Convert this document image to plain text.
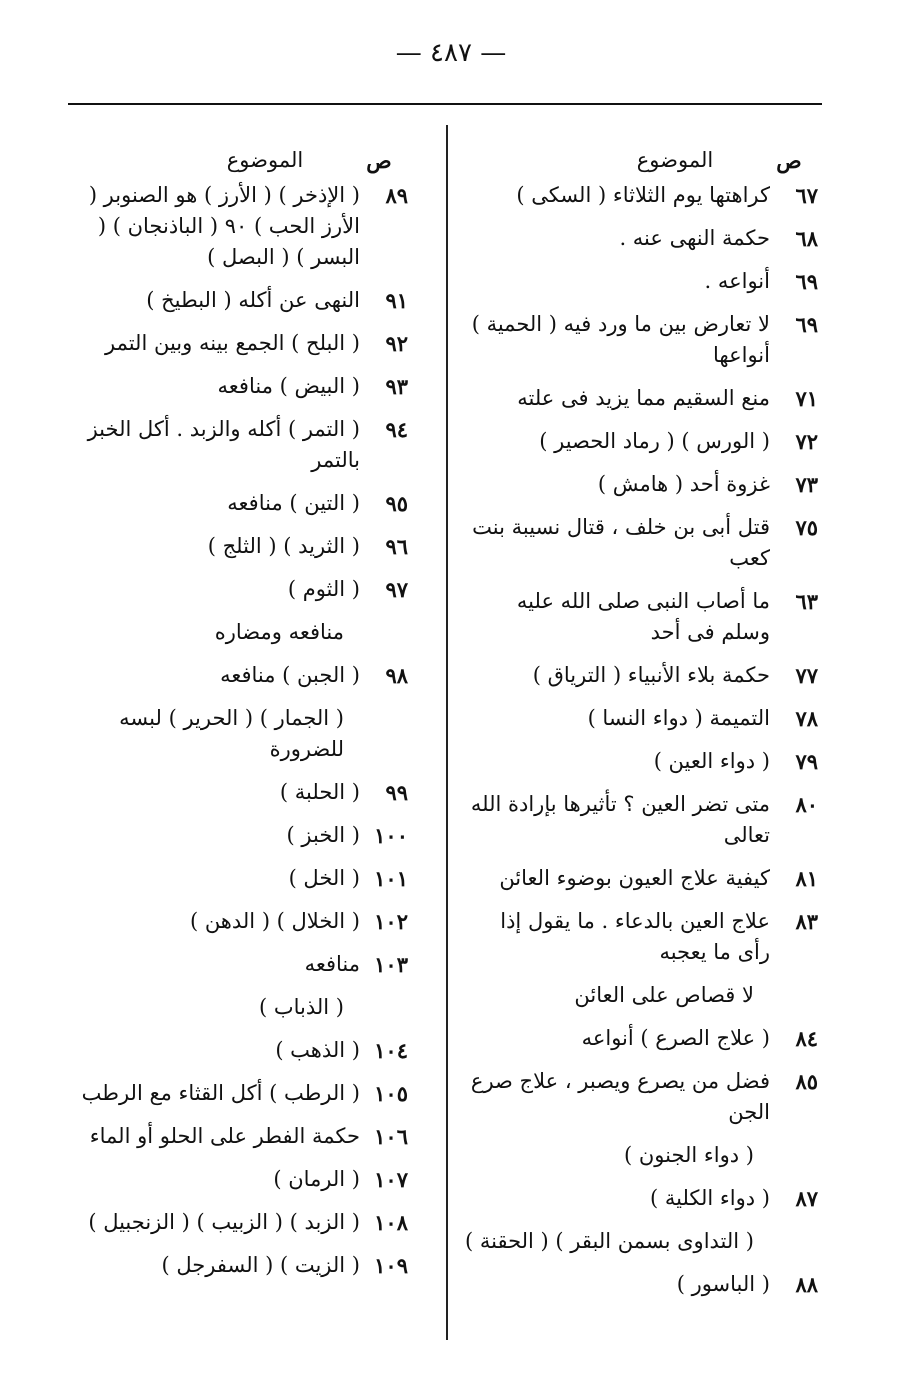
— ٤٨٧ —
ص
الموضوع
٦٧
كراهتها يوم الثلاثاء ( السكى )
٦٨
حكمة النهى عنه .
٦٩
أنواعه .
٦٩
لا تعارض بين ما ورد فيه ( الحمية ) أنواعها
٧١
منع السقيم مما يزيد فى علته
٧٢
( الورس ) ( رماد الحصير )
٧٣
غزوة أحد ( هامش )
٧٥
قتل أبى بن خلف ، قتال نسيبة بنت كعب
٦٣
ما أصاب النبى صلى الله عليه وسلم فى أحد
٧٧
حكمة بلاء الأنبياء ( الترياق )
٧٨
التميمة ( دواء النسا )
٧٩
( دواء العين )
٨٠
متى تضر العين ؟ تأثيرها بإرادة الله تعالى
٨١
كيفية علاج العيون بوضوء العائن
٨٣
علاج العين بالدعاء . ما يقول إذا رأى ما يعجبه
لا قصاص على العائن
٨٤
( علاج الصرع ) أنواعه
٨٥
فضل من يصرع ويصبر ، علاج صرع الجن
( دواء الجنون )
٨٧
( دواء الكلية )
( التداوى بسمن البقر ) ( الحقنة )
٨٨
( الباسور )
ص
الموضوع
٨٩
( الإذخر ) ( الأرز ) هو الصنوبر ( الأرز الحب ) ٩٠ ( الباذنجان ) ( البسر ) ( البصل )
٩١
النهى عن أكله ( البطيخ )
٩٢
( البلح ) الجمع بينه وبين التمر
٩٣
( البيض ) منافعه
٩٤
( التمر ) أكله والزبد . أكل الخبز بالتمر
٩٥
( التين ) منافعه
٩٦
( الثريد ) ( الثلج )
٩٧
( الثوم )
منافعه ومضاره
٩٨
( الجبن ) منافعه
( الجمار ) ( الحرير ) لبسه للضرورة
٩٩
( الحلبة )
١٠٠
( الخبز )
١٠١
( الخل )
١٠٢
( الخلال ) ( الدهن )
١٠٣
منافعه
( الذباب )
١٠٤
( الذهب )
١٠٥
( الرطب ) أكل القثاء مع الرطب
١٠٦
حكمة الفطر على الحلو أو الماء
١٠٧
( الرمان )
١٠٨
( الزبد ) ( الزبيب ) ( الزنجبيل )
١٠٩
( الزيت ) ( السفرجل )
